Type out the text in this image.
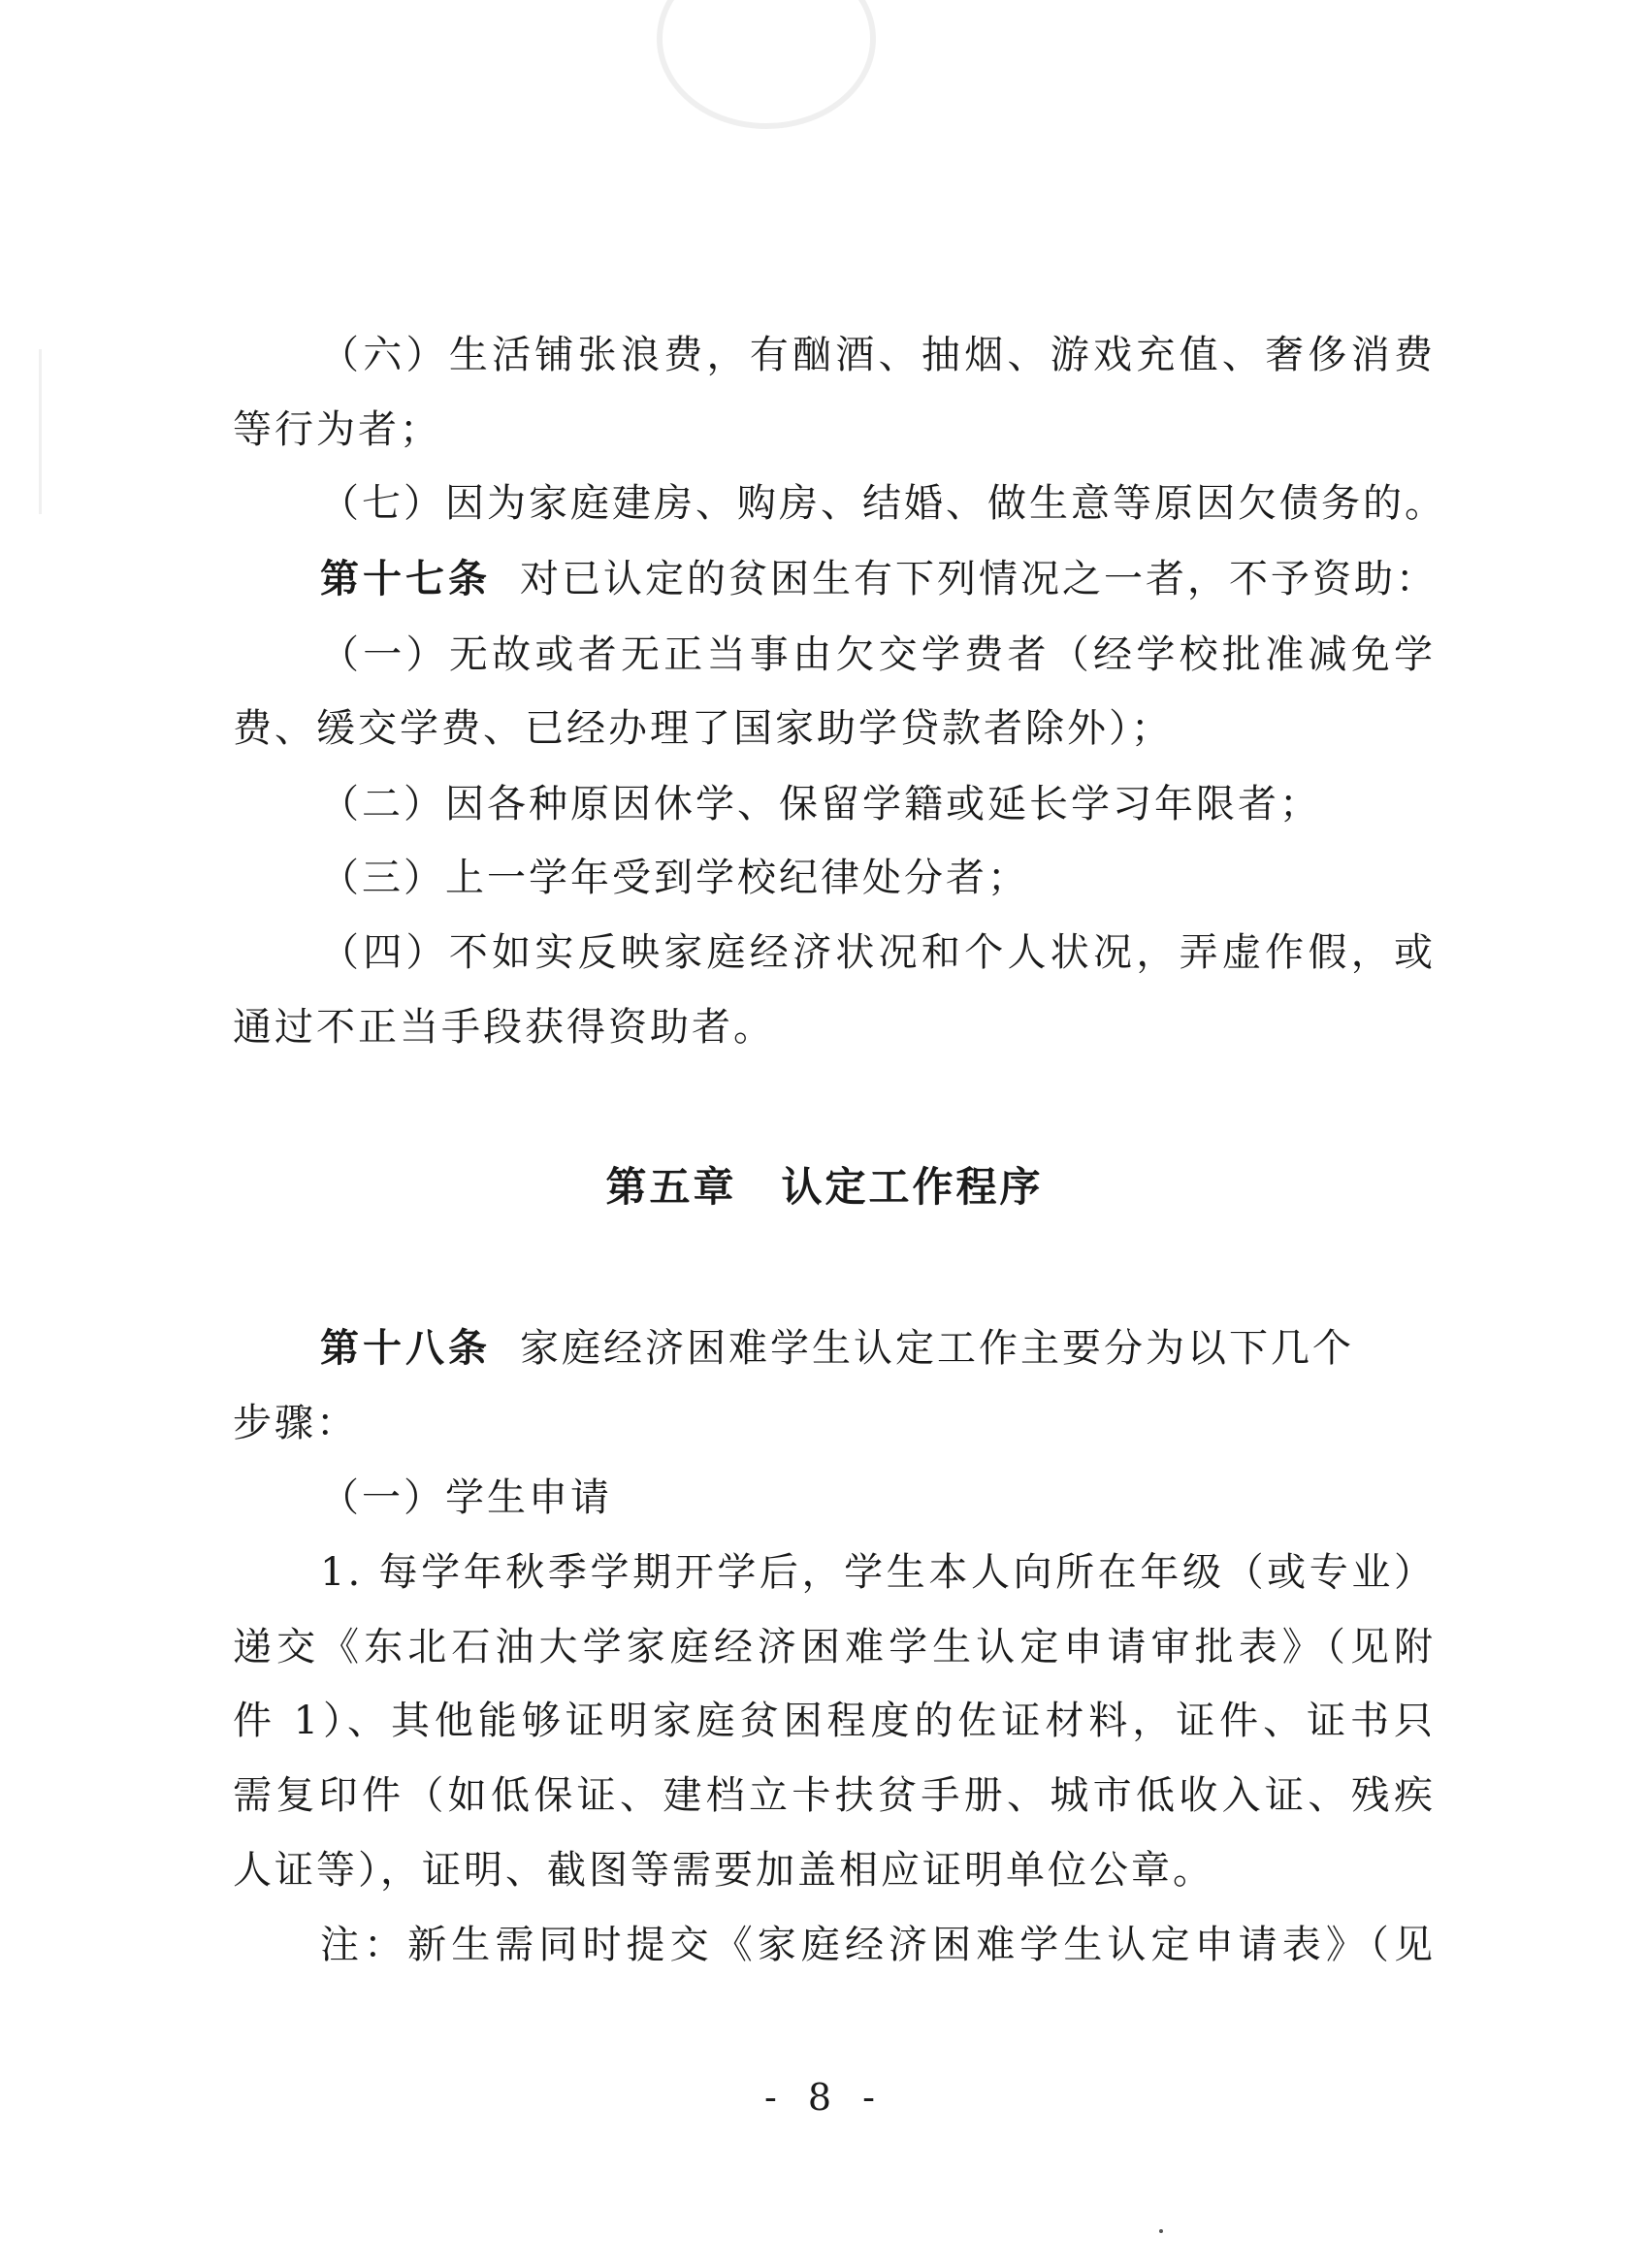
（六）生活铺张浪费，有酗酒、抽烟、游戏充值、奢侈消费
等行为者；
（七）因为家庭建房、购房、结婚、做生意等原因欠债务的。
第十七条 对已认定的贫困生有下列情况之一者，不予资助：
（一）无故或者无正当事由欠交学费者（经学校批准减免学
费、缓交学费、已经办理了国家助学贷款者除外）；
（二）因各种原因休学、保留学籍或延长学习年限者；
（三）上一学年受到学校纪律处分者；
（四）不如实反映家庭经济状况和个人状况，弄虚作假，或
通过不正当手段获得资助者。
第五章 认定工作程序
第十八条 家庭经济困难学生认定工作主要分为以下几个
步骤：
（一）学生申请
1. 每学年秋季学期开学后，学生本人向所在年级（或专业）
递交《东北石油大学家庭经济困难学生认定申请审批表》（见附
件 1）、其他能够证明家庭贫困程度的佐证材料，证件、证书只
需复印件（如低保证、建档立卡扶贫手册、城市低收入证、残疾
人证等），证明、截图等需要加盖相应证明单位公章。
注：新生需同时提交《家庭经济困难学生认定申请表》（见
- 8 -
